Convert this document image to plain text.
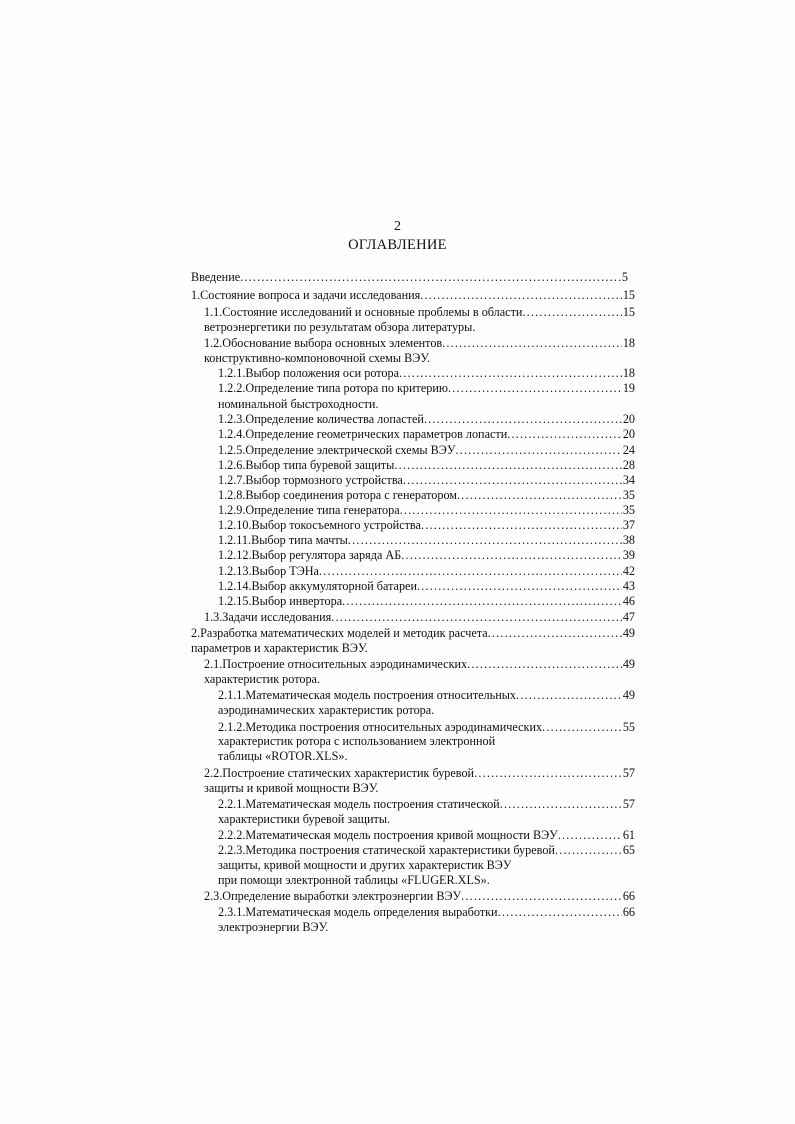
2
ОГЛАВЛЕНИЕ
Введение .....	5
1.Состояние вопроса и задачи исследования .....	15
1.1.Состояние исследований и основные проблемы в области .....	15
ветроэнергетики по результатам обзора литературы.
1.2.Обоснование выбора основных элементов .....	18
конструктивно-компоновочной схемы ВЭУ.
1.2.1.Выбор положения оси ротора .....	18
1.2.2.Определение типа ротора по критерию .....	19
номинальной быстроходности.
1.2.3.Определение количества лопастей .....	20
1.2.4.Определение геометрических параметров лопасти .....	20
1.2.5.Определение электрической схемы ВЭУ .....	24
1.2.6.Выбор типа буревой защиты .....	28
1.2.7.Выбор тормозного устройства .....	34
1.2.8.Выбор соединения ротора с генератором .....	35
1.2.9.Определение типа генератора .....	35
1.2.10.Выбор токосъемного устройства .....	37
1.2.11.Выбор типа мачты .....	38
1.2.12.Выбор регулятора заряда АБ .....	39
1.2.13.Выбор ТЭНа .....	42
1.2.14.Выбор аккумуляторной батареи .....	43
1.2.15.Выбор инвертора .....	46
1.3.Задачи исследования .....	47
2.Разработка математических моделей и методик расчета .....	49
параметров и характеристик ВЭУ.
2.1.Построение относительных аэродинамических .....	49
характеристик ротора.
2.1.1.Математическая модель построения относительных .....	49
аэродинамических характеристик ротора.
2.1.2.Методика построения относительных аэродинамических .....	55
характеристик ротора с использованием электронной
таблицы «ROTOR.XLS».
2.2.Построение статических характеристик буревой .....	57
защиты и кривой мощности ВЭУ.
2.2.1.Математическая модель построения статической .....	57
характеристики буревой защиты.
2.2.2.Математическая модель построения кривой мощности ВЭУ .....	61
2.2.3.Методика построения статической характеристики буревой .....	65
защиты, кривой мощности и других характеристик ВЭУ
при помощи электронной таблицы «FLUGER.XLS».
2.3.Определение выработки электроэнергии ВЭУ .....	66
2.3.1.Математическая модель определения выработки .....	66
электроэнергии ВЭУ.
